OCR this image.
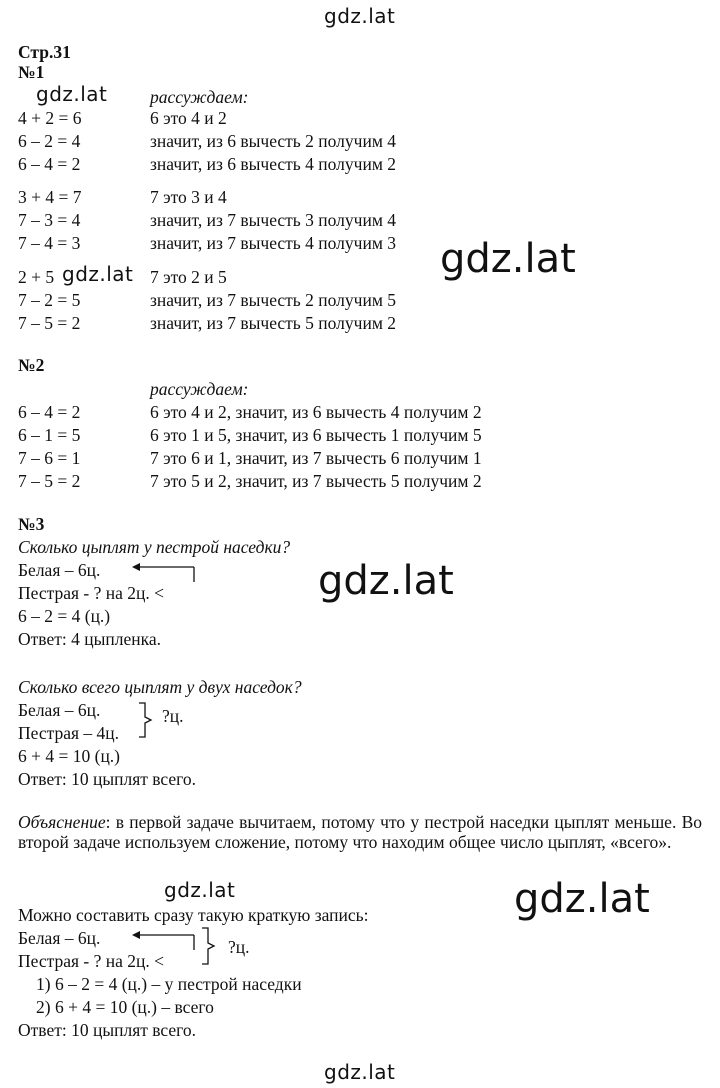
gdz.lat
gdz.lat
gdz.lat	gdz.lat
gdz.lat
gdz.lat	gdz.lat
gdz.lat
Стр.31
№1
рассуждаем:
4 + 2 = 6	6 это 4 и 2
6 – 2 = 4	значит, из 6 вычесть 2 получим 4
6 – 4 = 2	значит, из 6 вычесть 4 получим 2
3 + 4 = 7	7 это 3 и 4
7 – 3 = 4	значит, из 7 вычесть 3 получим 4
7 – 4 = 3	значит, из 7 вычесть 4 получим 3
2 + 5	7 это 2 и 5
7 – 2 = 5	значит, из 7 вычесть 2 получим 5
7 – 5 = 2	значит, из 7 вычесть 5 получим 2
№2
рассуждаем:
6 – 4 = 2	6 это 4 и 2, значит, из 6 вычесть 4 получим 2
6 – 1 = 5	6 это 1 и 5, значит, из 6 вычесть 1 получим 5
7 – 6 = 1	7 это 6 и 1, значит, из 7 вычесть 6 получим 1
7 – 5 = 2	7 это 5 и 2, значит, из 7 вычесть 5 получим 2
№3
Сколько цыплят у пестрой наседки?
Белая – 6ц.
Пестрая - ? на 2ц. <
6 – 2 = 4 (ц.)
Ответ: 4 цыпленка.
Сколько всего цыплят у двух наседок?
Белая – 6ц.
Пестрая – 4ц.
?ц.
6 + 4 = 10 (ц.)
Ответ: 10 цыплят всего.
Объяснение: в первой задаче вычитаем, потому что у пестрой наседки цыплят меньше. Во второй задаче используем сложение, потому что находим общее число цыплят, «всего».
Можно составить сразу такую краткую запись:
Белая – 6ц.
Пестрая - ? на 2ц. <
?ц.
1) 6 – 2 = 4 (ц.) – у пестрой наседки
2) 6 + 4 = 10 (ц.) – всего
Ответ: 10 цыплят всего.
